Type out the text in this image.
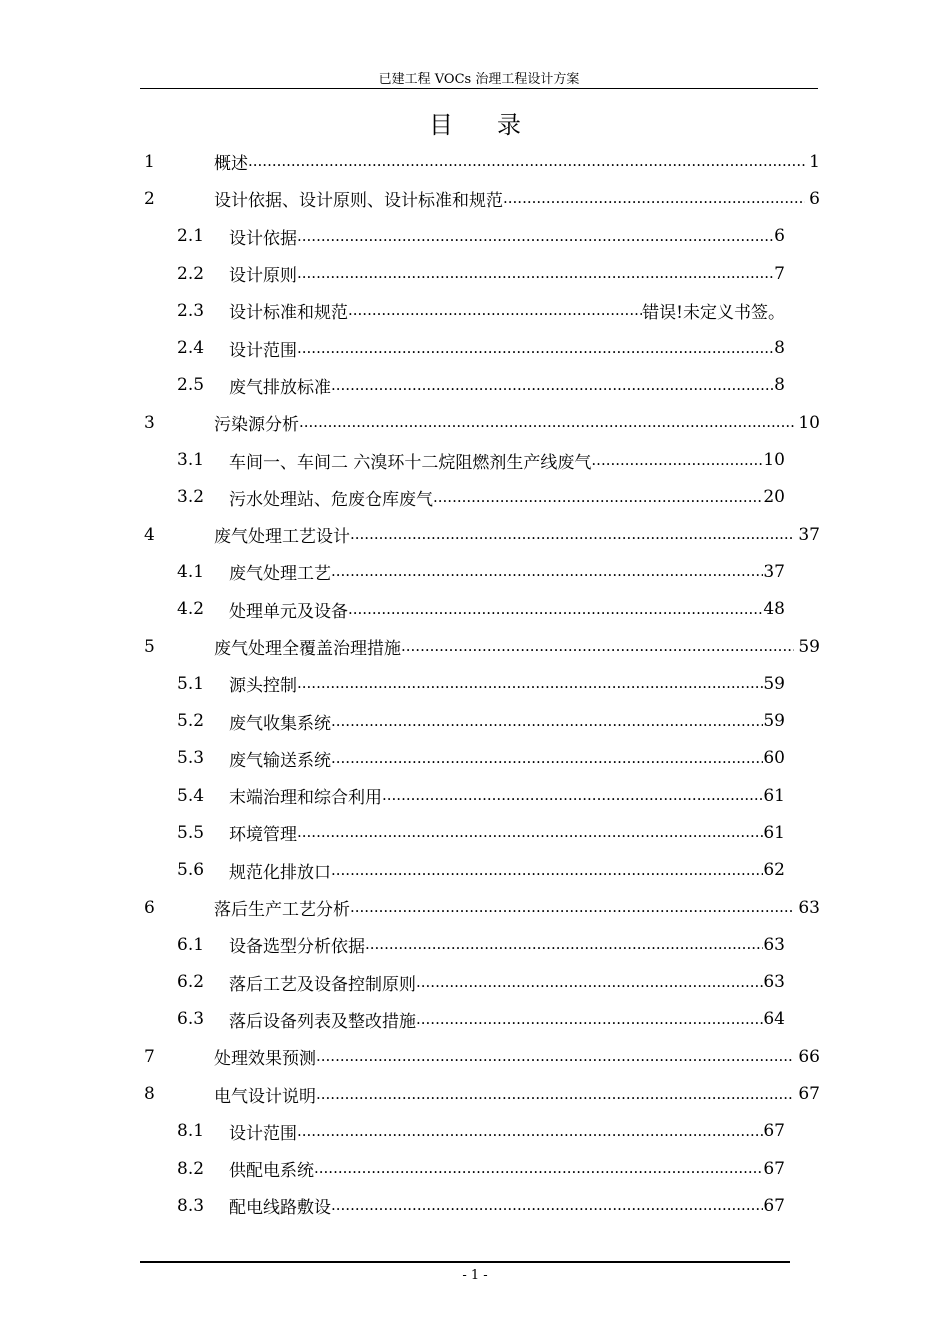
已建工程 VOCs 治理工程设计方案
目录
1	概述 .....	1
2	设计依据、设计原则、设计标准和规范 .....	6
2.1	设计依据 .....	6
2.2	设计原则 .....	7
2.3	设计标准和规范 .....	错误!未定义书签。
2.4	设计范围 .....	8
2.5	废气排放标准 .....	8
3	污染源分析 .....	10
3.1	车间一、车间二 六溴环十二烷阻燃剂生产线废气 .....	10
3.2	污水处理站、危废仓库废气 .....	20
4	废气处理工艺设计 .....	37
4.1	废气处理工艺 .....	37
4.2	处理单元及设备 .....	48
5	废气处理全覆盖治理措施 .....	59
5.1	源头控制 .....	59
5.2	废气收集系统 .....	59
5.3	废气输送系统 .....	60
5.4	末端治理和综合利用 .....	61
5.5	环境管理 .....	61
5.6	规范化排放口 .....	62
6	落后生产工艺分析 .....	63
6.1	设备选型分析依据 .....	63
6.2	落后工艺及设备控制原则 .....	63
6.3	落后设备列表及整改措施 .....	64
7	处理效果预测 .....	66
8	电气设计说明 .....	67
8.1	设计范围 .....	67
8.2	供配电系统 .....	67
8.3	配电线路敷设 .....	67
- 1 -
